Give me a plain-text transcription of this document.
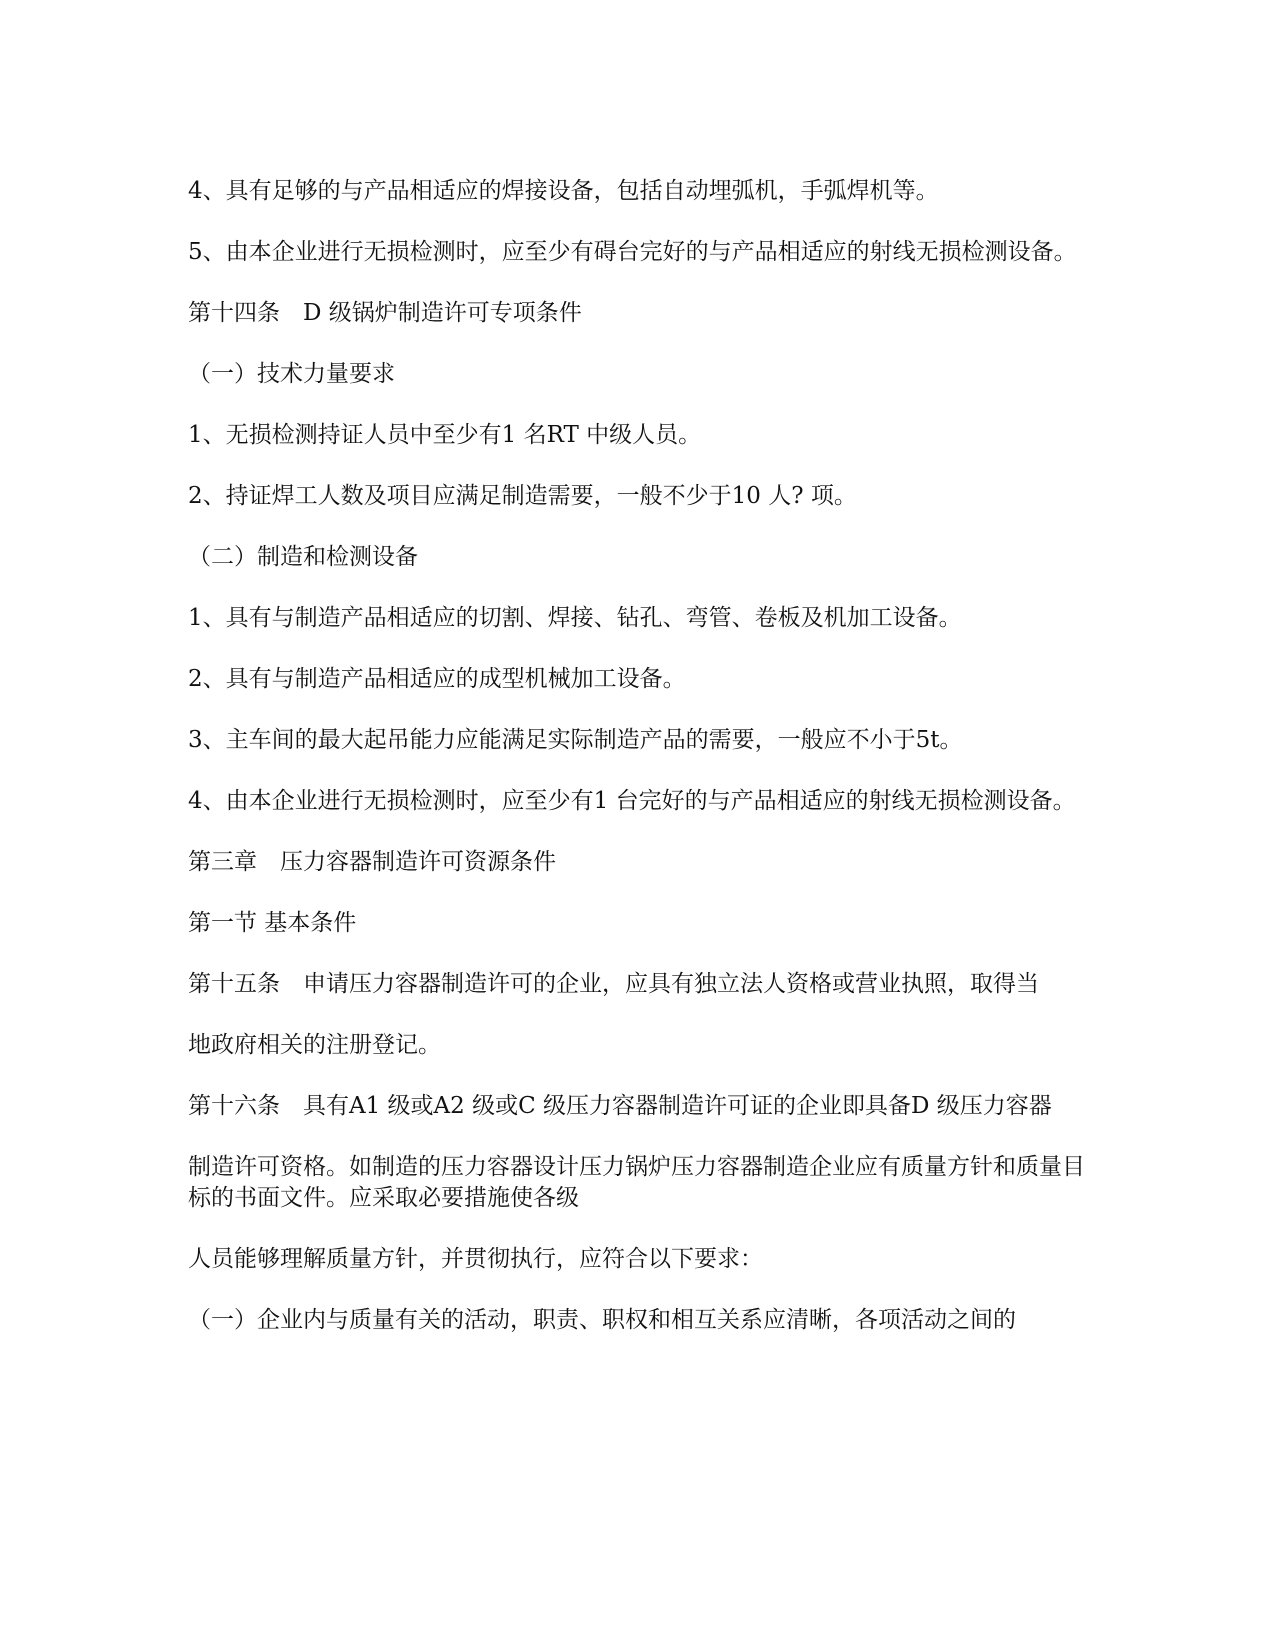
4、具有足够的与产品相适应的焊接设备，包括自动埋弧机，手弧焊机等。

5、由本企业进行无损检测时，应至少有碍台完好的与产品相适应的射线无损检测设备。

第十四条　D 级锅炉制造许可专项条件

（一）技术力量要求

1、无损检测持证人员中至少有1 名RT 中级人员。

2、持证焊工人数及项目应满足制造需要，一般不少于10 人? 项。

（二）制造和检测设备

1、具有与制造产品相适应的切割、焊接、钻孔、弯管、卷板及机加工设备。

2、具有与制造产品相适应的成型机械加工设备。

3、主车间的最大起吊能力应能满足实际制造产品的需要，一般应不小于5t。

4、由本企业进行无损检测时，应至少有1 台完好的与产品相适应的射线无损检测设备。

第三章　压力容器制造许可资源条件

第一节 基本条件

第十五条　申请压力容器制造许可的企业，应具有独立法人资格或营业执照，取得当

地政府相关的注册登记。

第十六条　具有A1 级或A2 级或C 级压力容器制造许可证的企业即具备D 级压力容器

制造许可资格。如制造的压力容器设计压力锅炉压力容器制造企业应有质量方针和质量目标的书面文件。应采取必要措施使各级

人员能够理解质量方针，并贯彻执行，应符合以下要求：

（一）企业内与质量有关的活动，职责、职权和相互关系应清晰，各项活动之间的
